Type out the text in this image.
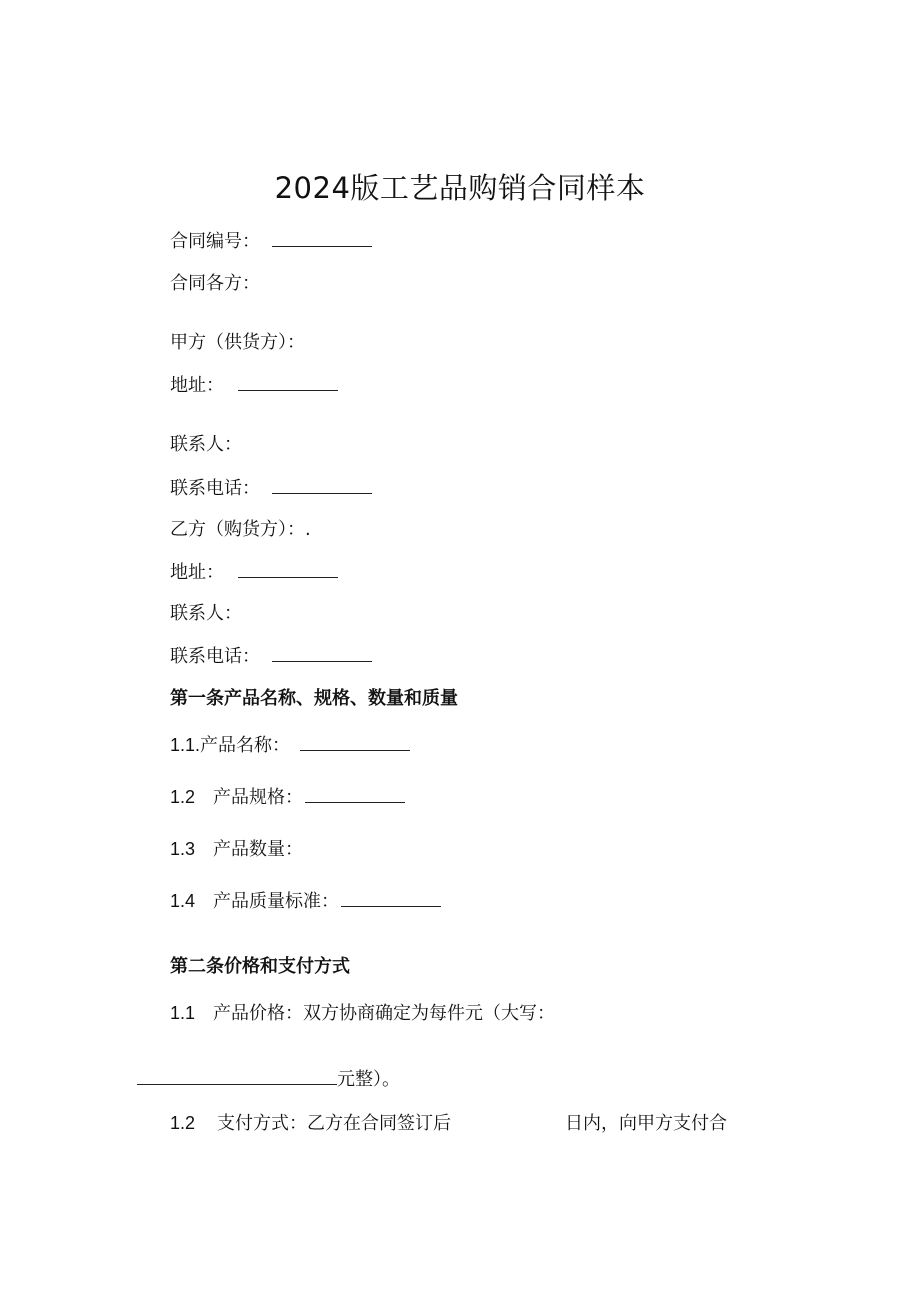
2024版工艺品购销合同样本
合同编号：
合同各方：
甲方（供货方）：
地址：
联系人：
联系电话：
乙方（购货方）：.
地址：
联系人：
联系电话：
第一条产品名称、规格、数量和质量
1.1.产品名称：
1.2 产品规格：
1.3 产品数量：
1.4 产品质量标准：
第二条价格和支付方式
1.1 产品价格：双方协商确定为每件元（大写：
元整）。
1.2 支付方式：乙方在合同签订后	日内，向甲方支付合
